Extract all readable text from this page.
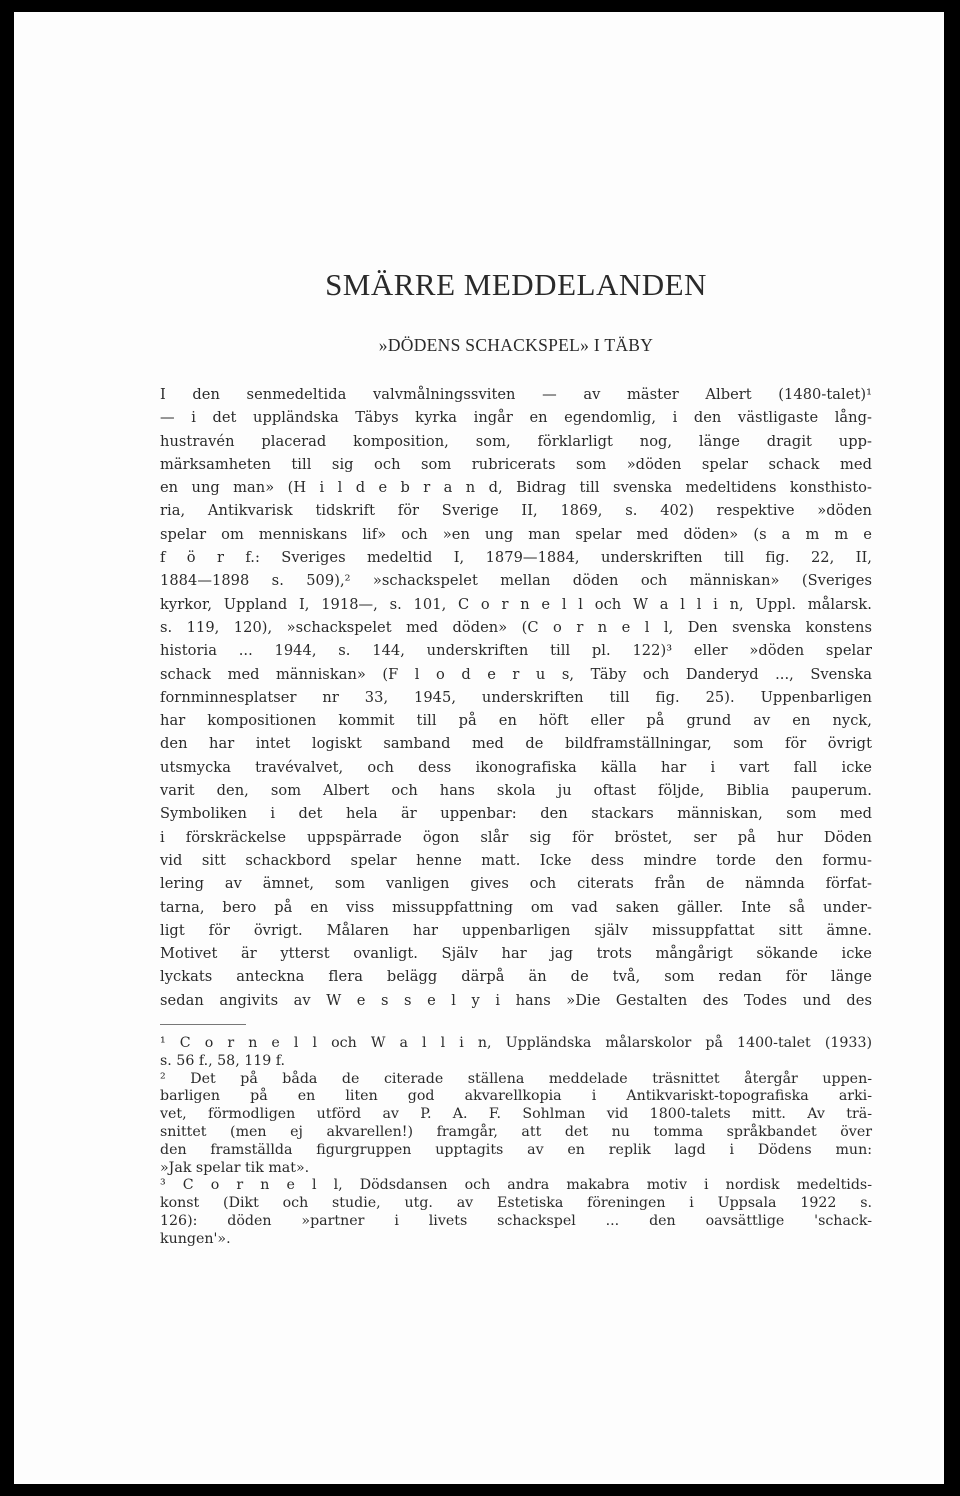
SMÄRRE MEDDELANDEN
»DÖDENS SCHACKSPEL» I TÄBY
I den senmedeltida valvmålningssviten — av mäster Albert (1480-talet)¹
— i det uppländska Täbys kyrka ingår en egendomlig, i den västligaste lång-
hustravén placerad komposition, som, förklarligt nog, länge dragit upp-
märksamheten till sig och som rubricerats som »döden spelar schack med
en ung man» (H i l d e b r a n d, Bidrag till svenska medeltidens konsthisto-
ria, Antikvarisk tidskrift för Sverige II, 1869, s. 402) respektive »döden
spelar om menniskans lif» och »en ung man spelar med döden» (s a m m e
f ö r f.: Sveriges medeltid I, 1879—1884, underskriften till fig. 22, II,
1884—1898 s. 509),² »schackspelet mellan döden och människan» (Sveriges
kyrkor, Uppland I, 1918—, s. 101, C o r n e l l och W a l l i n, Uppl. målarsk.
s. 119, 120), »schackspelet med döden» (C o r n e l l, Den svenska konstens
historia ... 1944, s. 144, underskriften till pl. 122)³ eller »döden spelar
schack med människan» (F l o d e r u s, Täby och Danderyd ..., Svenska
fornminnesplatser nr 33, 1945, underskriften till fig. 25). Uppenbarligen
har kompositionen kommit till på en höft eller på grund av en nyck,
den har intet logiskt samband med de bildframställningar, som för övrigt
utsmycka travévalvet, och dess ikonografiska källa har i vart fall icke
varit den, som Albert och hans skola ju oftast följde, Biblia pauperum.
Symboliken i det hela är uppenbar: den stackars människan, som med
i förskräckelse uppspärrade ögon slår sig för bröstet, ser på hur Döden
vid sitt schackbord spelar henne matt. Icke dess mindre torde den formu-
lering av ämnet, som vanligen gives och citerats från de nämnda förfat-
tarna, bero på en viss missuppfattning om vad saken gäller. Inte så under-
ligt för övrigt. Målaren har uppenbarligen själv missuppfattat sitt ämne.
Motivet är ytterst ovanligt. Själv har jag trots mångårigt sökande icke
lyckats anteckna flera belägg därpå än de två, som redan för länge
sedan angivits av W e s s e l y i hans »Die Gestalten des Todes und des
¹ C o r n e l l och W a l l i n, Uppländska målarskolor på 1400-talet (1933)
s. 56 f., 58, 119 f.
² Det på båda de citerade ställena meddelade träsnittet återgår uppen-
barligen på en liten god akvarellkopia i Antikvariskt-topografiska arki-
vet, förmodligen utförd av P. A. F. Sohlman vid 1800-talets mitt. Av trä-
snittet (men ej akvarellen!) framgår, att det nu tomma språkbandet över
den framställda figurgruppen upptagits av en replik lagd i Dödens mun:
»Jak spelar tik mat».
³ C o r n e l l, Dödsdansen och andra makabra motiv i nordisk medeltids-
konst (Dikt och studie, utg. av Estetiska föreningen i Uppsala 1922 s.
126): döden »partner i livets schackspel ... den oavsättlige 'schack-
kungen'».
